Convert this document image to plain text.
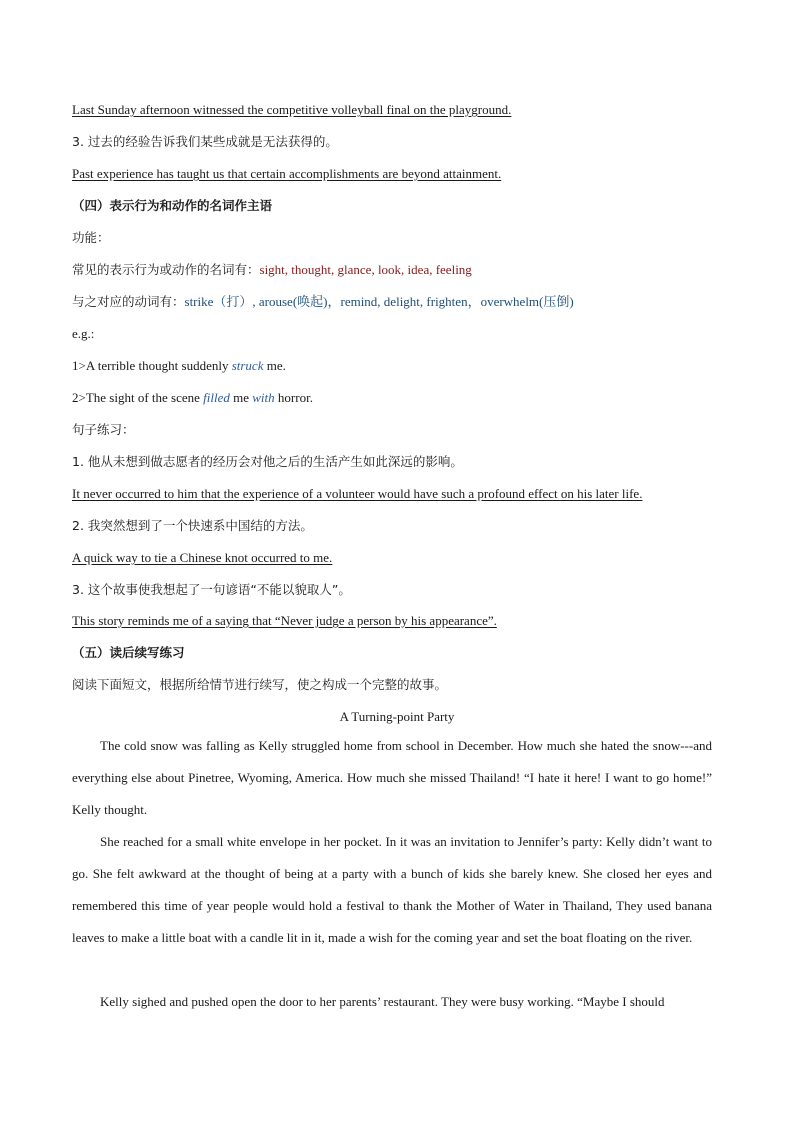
Last Sunday afternoon witnessed the competitive volleyball final on the playground.
3. 过去的经验告诉我们某些成就是无法获得的。
Past experience has taught us that certain accomplishments are beyond attainment.
（四）表示行为和动作的名词作主语
功能：
常见的表示行为或动作的名词有：sight, thought, glance, look, idea, feeling
与之对应的动词有：strike（打）, arouse(唤起)，remind, delight, frighten，overwhelm(压倒)
e.g.:
1>A terrible thought suddenly struck me.
2>The sight of the scene filled me with horror.
句子练习：
1. 他从未想到做志愿者的经历会对他之后的生活产生如此深远的影响。
It never occurred to him that the experience of a volunteer would have such a profound effect on his later life.
2. 我突然想到了一个快速系中国结的方法。
A quick way to tie a Chinese knot occurred to me.
3. 这个故事使我想起了一句谚语“不能以貌取人”。
This story reminds me of a saying that “Never judge a person by his appearance”.
（五）读后续写练习
阅读下面短文，根据所给情节进行续写，使之构成一个完整的故事。
A Turning-point Party
The cold snow was falling as Kelly struggled home from school in December. How much she hated the snow---and everything else about Pinetree, Wyoming, America. How much she missed Thailand! “I hate it here! I want to go home!” Kelly thought.
She reached for a small white envelope in her pocket. In it was an invitation to Jennifer’s party: Kelly didn’t want to go. She felt awkward at the thought of being at a party with a bunch of kids she barely knew. She closed her eyes and remembered this time of year people would hold a festival to thank the Mother of Water in Thailand, They used banana leaves to make a little boat with a candle lit in it, made a wish for the coming year and set the boat floating on the river.
Kelly sighed and pushed open the door to her parents’ restaurant. They were busy working. “Maybe I should
